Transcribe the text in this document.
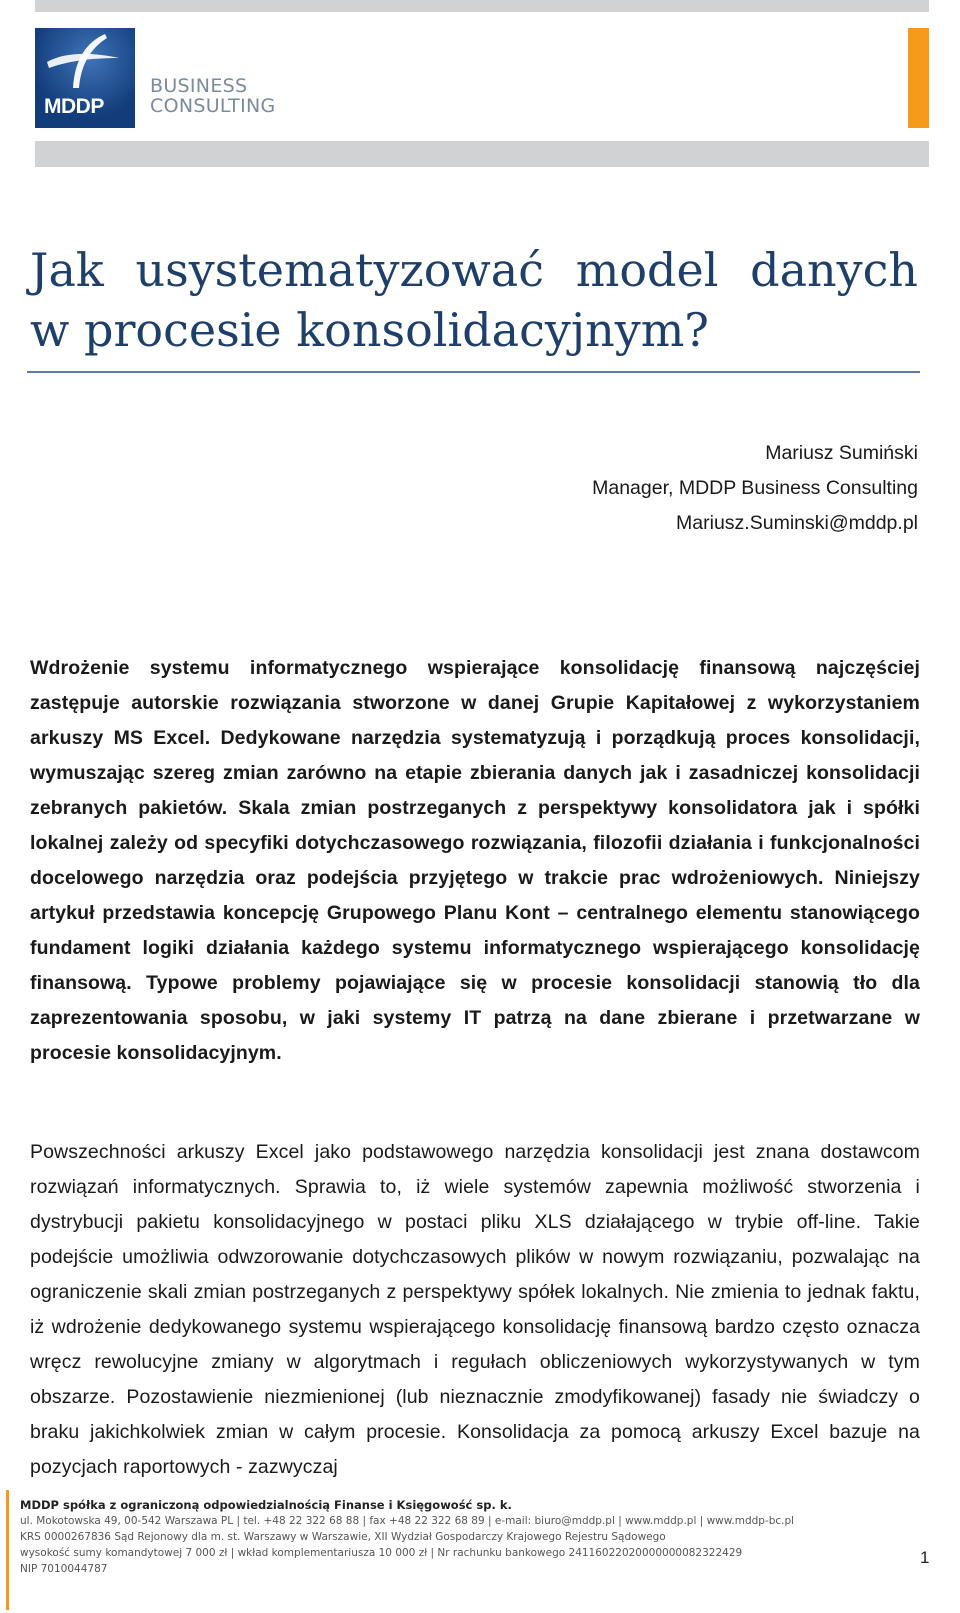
MDDP
BUSINESS
CONSULTING
Jak usystematyzować model danych w procesie konsolidacyjnym?
Mariusz Sumiński
Manager, MDDP Business Consulting
Mariusz.Suminski@mddp.pl

Wdrożenie systemu informatycznego wspierające konsolidację finansową najczęściej zastępuje autorskie rozwiązania stworzone w danej Grupie Kapitałowej z wykorzystaniem arkuszy MS Excel. Dedykowane narzędzia systematyzują i porządkują proces konsolidacji, wymuszając szereg zmian zarówno na etapie zbierania danych jak i zasadniczej konsolidacji zebranych pakietów. Skala zmian postrzeganych z perspektywy konsolidatora jak i spółki lokalnej zależy od specyfiki dotychczasowego rozwiązania, filozofii działania i funkcjonalności docelowego narzędzia oraz podejścia przyjętego w trakcie prac wdrożeniowych. Niniejszy artykuł przedstawia koncepcję Grupowego Planu Kont – centralnego elementu stanowiącego fundament logiki działania każdego systemu informatycznego wspierającego konsolidację finansową. Typowe problemy pojawiające się w procesie konsolidacji stanowią tło dla zaprezentowania sposobu, w jaki systemy IT patrzą na dane zbierane i przetwarzane w procesie konsolidacyjnym.

Powszechności arkuszy Excel jako podstawowego narzędzia konsolidacji jest znana dostawcom rozwiązań informatycznych. Sprawia to, iż wiele systemów zapewnia możliwość stworzenia i dystrybucji pakietu konsolidacyjnego w postaci pliku XLS działającego w trybie off-line. Takie podejście umożliwia odwzorowanie dotychczasowych plików w nowym rozwiązaniu, pozwalając na ograniczenie skali zmian postrzeganych z perspektywy spółek lokalnych. Nie zmienia to jednak faktu, iż wdrożenie dedykowanego systemu wspierającego konsolidację finansową bardzo często oznacza wręcz rewolucyjne zmiany w algorytmach i regułach obliczeniowych wykorzystywanych w tym obszarze. Pozostawienie niezmienionej (lub nieznacznie zmodyfikowanej) fasady nie świadczy o braku jakichkolwiek zmian w całym procesie. Konsolidacja za pomocą arkuszy Excel bazuje na pozycjach raportowych - zazwyczaj

MDDP spółka z ograniczoną odpowiedzialnością Finanse i Księgowość sp. k.
ul. Mokotowska 49, 00-542 Warszawa PL | tel. +48 22 322 68 88 | fax +48 22 322 68 89 | e-mail: biuro@mddp.pl | www.mddp.pl | www.mddp-bc.pl
KRS 0000267836 Sąd Rejonowy dla m. st. Warszawy w Warszawie, XII Wydział Gospodarczy Krajowego Rejestru Sądowego
wysokość sumy komandytowej 7 000 zł | wkład komplementariusza 10 000 zł | Nr rachunku bankowego 24116022020000000082322429
NIP 7010044787
1
